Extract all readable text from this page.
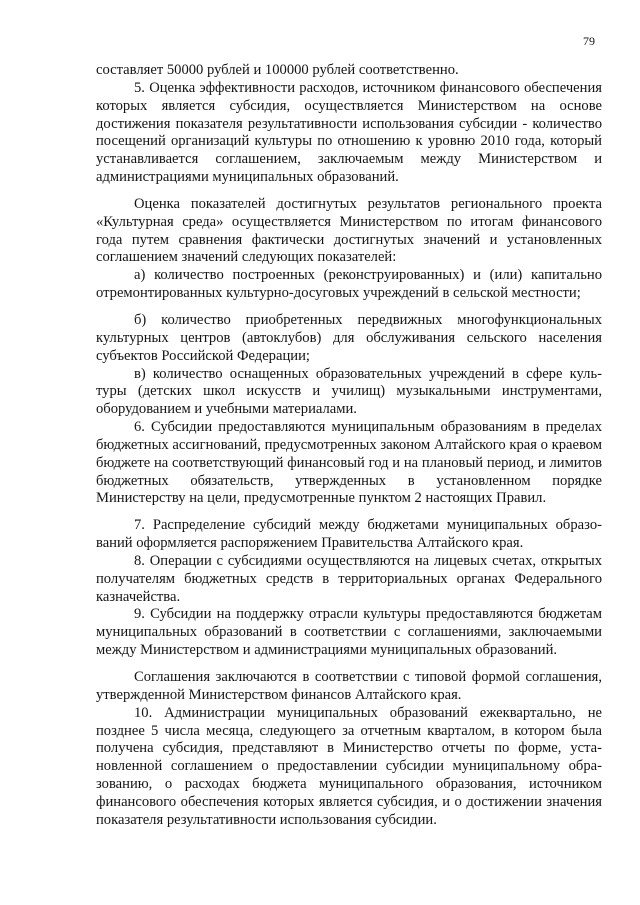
79

составляет 50000 рублей и 100000 рублей соответственно.

5. Оценка эффективности расходов, источником финансового обеспечения которых является субсидия, осуществляется Министерством на основе достижения показателя результативности использования субсидии - количество посещений организаций культуры по отношению к уровню 2010 года, который устанавливается соглашением, заключаемым между Министерством и администрациями муниципальных образований.

Оценка показателей достигнутых результатов регионального проекта «Культурная среда» осуществляется Министерством по итогам финансового года путем сравнения фактически достигнутых значений и установленных соглашением значений следующих показателей:

а) количество построенных (реконструированных) и (или) капитально отремонтированных культурно-досуговых учреждений в сельской местности;

б) количество приобретенных передвижных многофункциональных культурных центров (автоклубов) для обслуживания сельского населения субъектов Российской Федерации;

в) количество оснащенных образовательных учреждений в сфере культуры (детских школ искусств и училищ) музыкальными инструментами, оборудованием и учебными материалами.

6. Субсидии предоставляются муниципальным образованиям в пределах бюджетных ассигнований, предусмотренных законом Алтайского края о краевом бюджете на соответствующий финансовый год и на плановый период, и лимитов бюджетных обязательств, утвержденных в установленном порядке Министерству на цели, предусмотренные пунктом 2 настоящих Правил.

7. Распределение субсидий между бюджетами муниципальных образований оформляется распоряжением Правительства Алтайского края.

8. Операции с субсидиями осуществляются на лицевых счетах, открытых получателям бюджетных средств в территориальных органах Федерального казначейства.

9. Субсидии на поддержку отрасли культуры предоставляются бюджетам муниципальных образований в соответствии с соглашениями, заключаемыми между Министерством и администрациями муниципальных образований.

Соглашения заключаются в соответствии с типовой формой соглашения, утвержденной Министерством финансов Алтайского края.

10. Администрации муниципальных образований ежеквартально, не позднее 5 числа месяца, следующего за отчетным кварталом, в котором была получена субсидия, представляют в Министерство отчеты по форме, установленной соглашением о предоставлении субсидии муниципальному образованию, о расходах бюджета муниципального образования, источником финансового обеспечения которых является субсидия, и о достижении значения показателя результативности использования субсидии.
